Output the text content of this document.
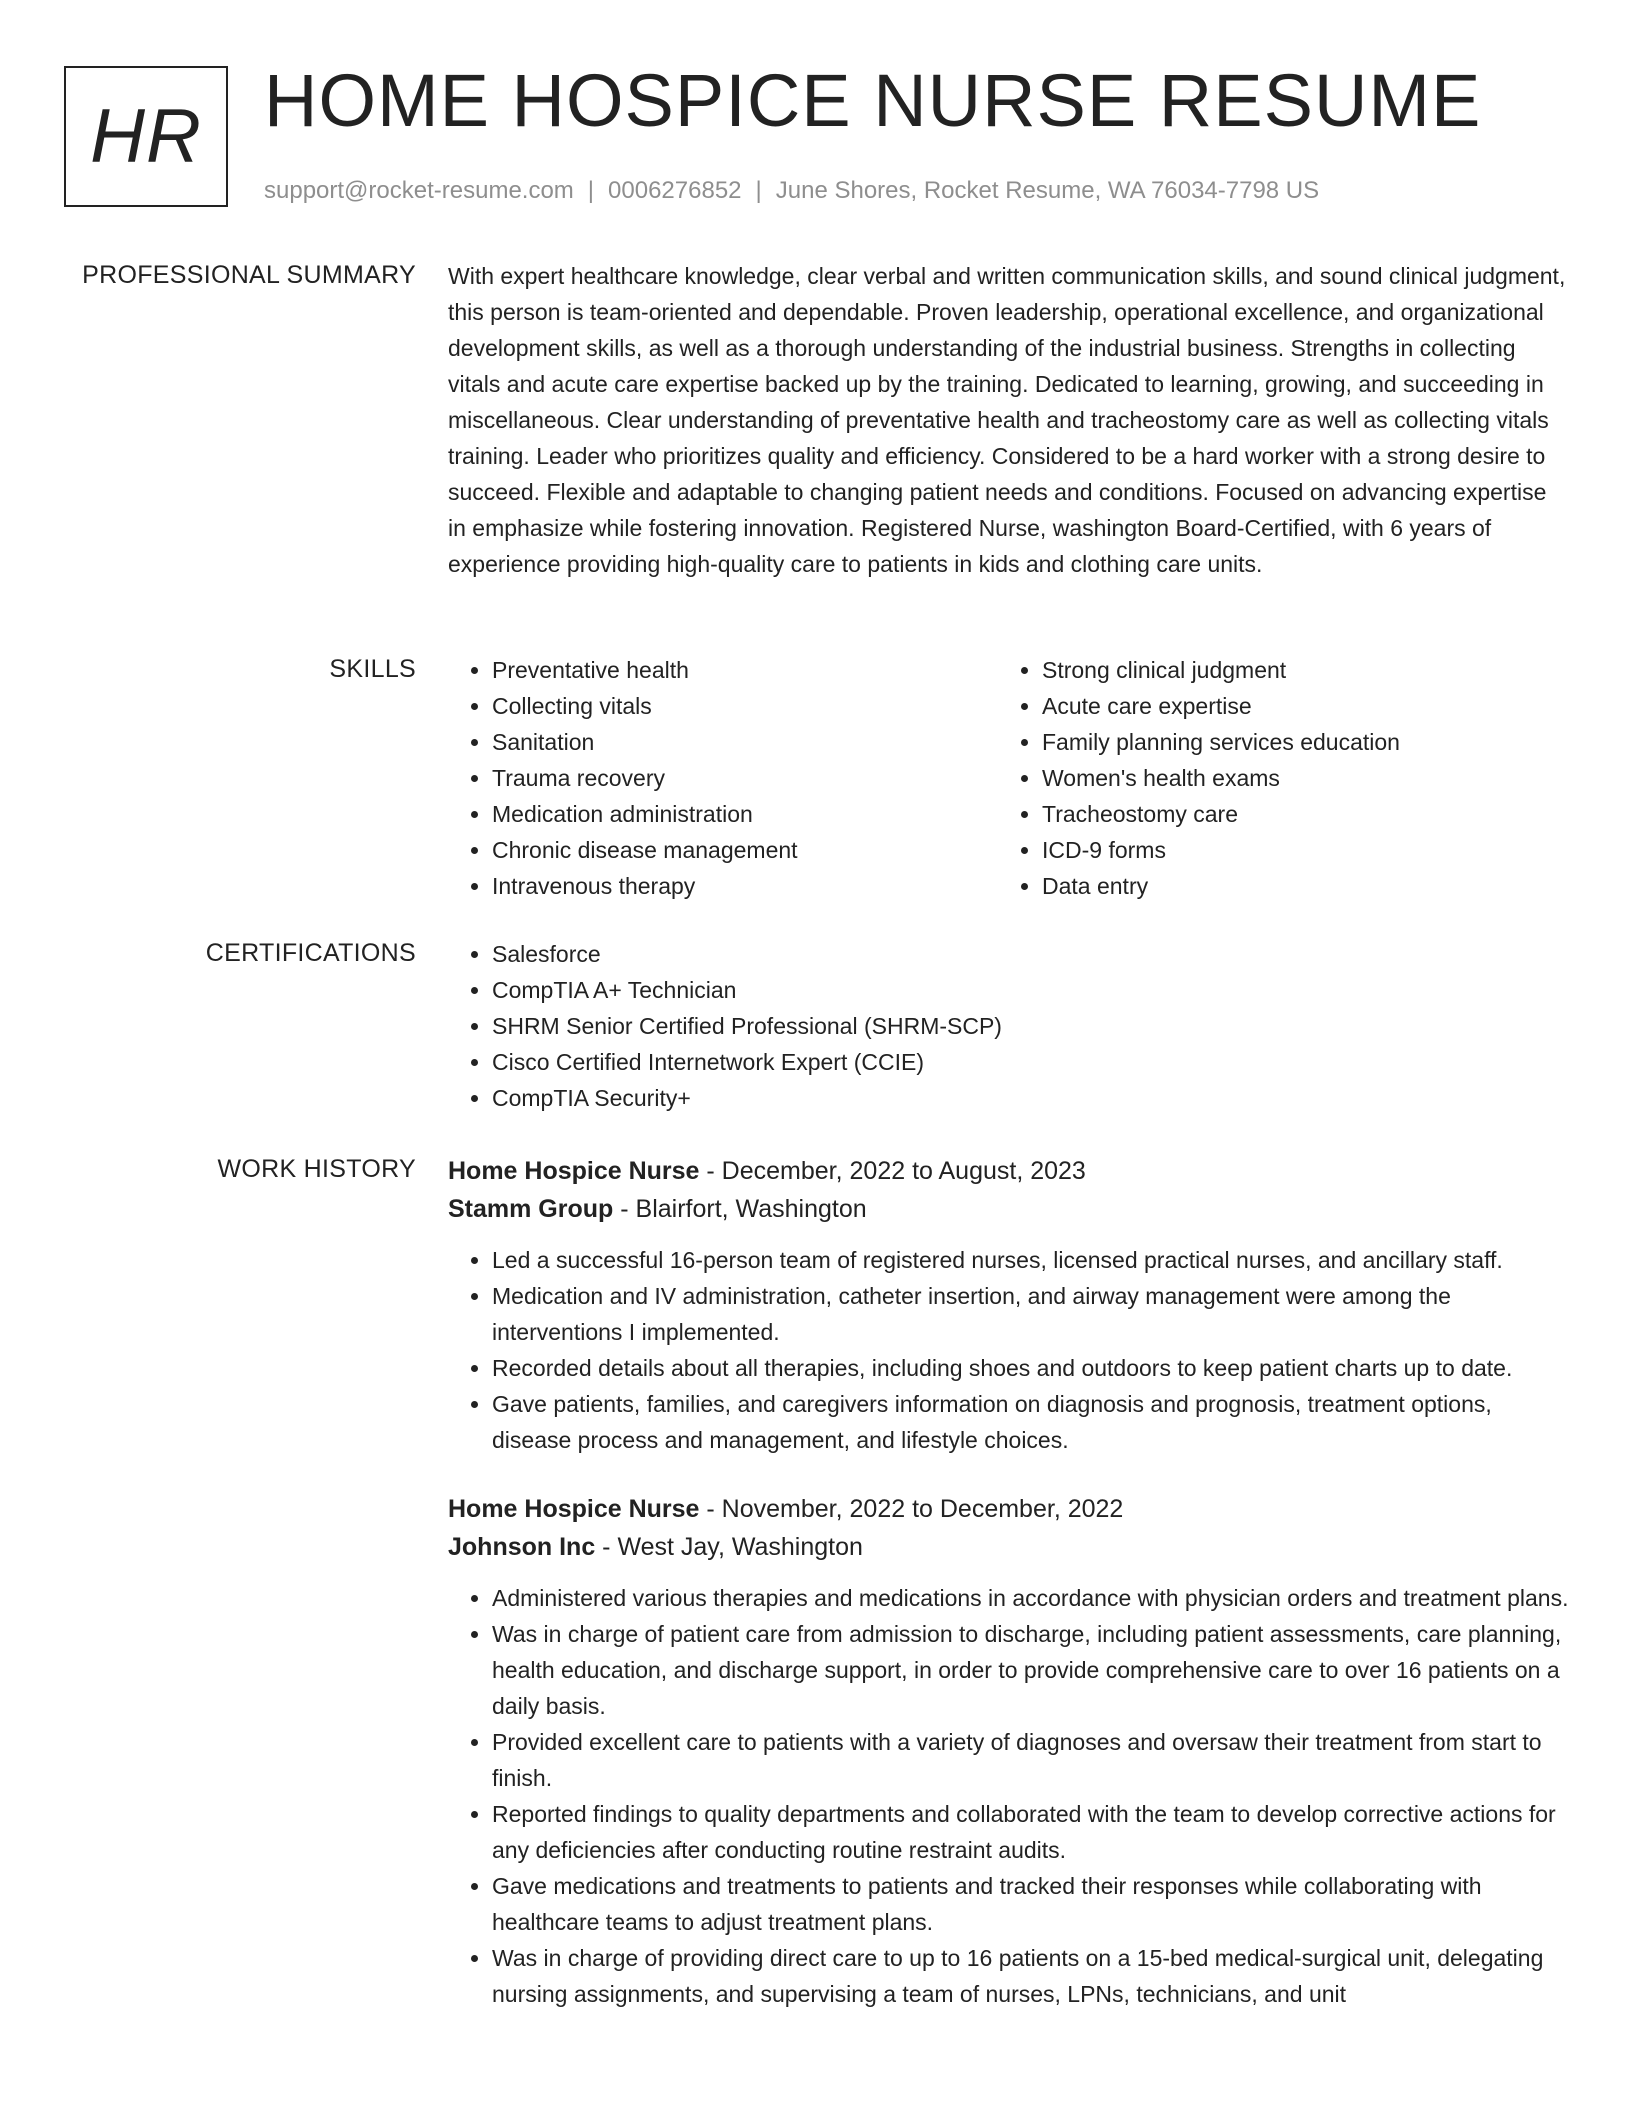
HR HOME HOSPICE NURSE RESUME
support@rocket-resume.com | 0006276852 | June Shores, Rocket Resume, WA 76034-7798 US
PROFESSIONAL SUMMARY With expert healthcare knowledge, clear verbal and written communication skills, and sound clinical judgment, this person is team-oriented and dependable. Proven leadership, operational excellence, and organizational development skills, as well as a thorough understanding of the industrial business. Strengths in collecting vitals and acute care expertise backed up by the training. Dedicated to learning, growing, and succeeding in miscellaneous. Clear understanding of preventative health and tracheostomy care as well as collecting vitals training. Leader who prioritizes quality and efficiency. Considered to be a hard worker with a strong desire to succeed. Flexible and adaptable to changing patient needs and conditions. Focused on advancing expertise in emphasize while fostering innovation. Registered Nurse, washington Board-Certified, with 6 years of experience providing high-quality care to patients in kids and clothing care units.

SKILLS	• Preventative health
• Collecting vitals
• Sanitation
• Trauma recovery
• Medication administration
• Chronic disease management
• Intravenous therapy
• Strong clinical judgment
• Acute care expertise
• Family planning services education
• Women's health exams
• Tracheostomy care
• ICD-9 forms
• Data entry
CERTIFICATIONS	• Salesforce
• CompTIA A+ Technician
• SHRM Senior Certified Professional (SHRM-SCP)
• Cisco Certified Internetwork Expert (CCIE)
• CompTIA Security+
WORK HISTORY Home Hospice Nurse - December, 2022 to August, 2023
Stamm Group - Blairfort, Washington
• Led a successful 16-person team of registered nurses, licensed practical nurses, and ancillary staff.
• Medication and IV administration, catheter insertion, and airway management were among the interventions I implemented.
• Recorded details about all therapies, including shoes and outdoors to keep patient charts up to date.
• Gave patients, families, and caregivers information on diagnosis and prognosis, treatment options, disease process and management, and lifestyle choices.
Home Hospice Nurse - November, 2022 to December, 2022
Johnson Inc - West Jay, Washington
• Administered various therapies and medications in accordance with physician orders and treatment plans.
• Was in charge of patient care from admission to discharge, including patient assessments, care planning, health education, and discharge support, in order to provide comprehensive care to over 16 patients on a daily basis.
• Provided excellent care to patients with a variety of diagnoses and oversaw their treatment from start to finish.
• Reported findings to quality departments and collaborated with the team to develop corrective actions for any deficiencies after conducting routine restraint audits.
• Gave medications and treatments to patients and tracked their responses while collaborating with healthcare teams to adjust treatment plans.
• Was in charge of providing direct care to up to 16 patients on a 15-bed medical-surgical unit, delegating nursing assignments, and supervising a team of nurses, LPNs, technicians, and unit
